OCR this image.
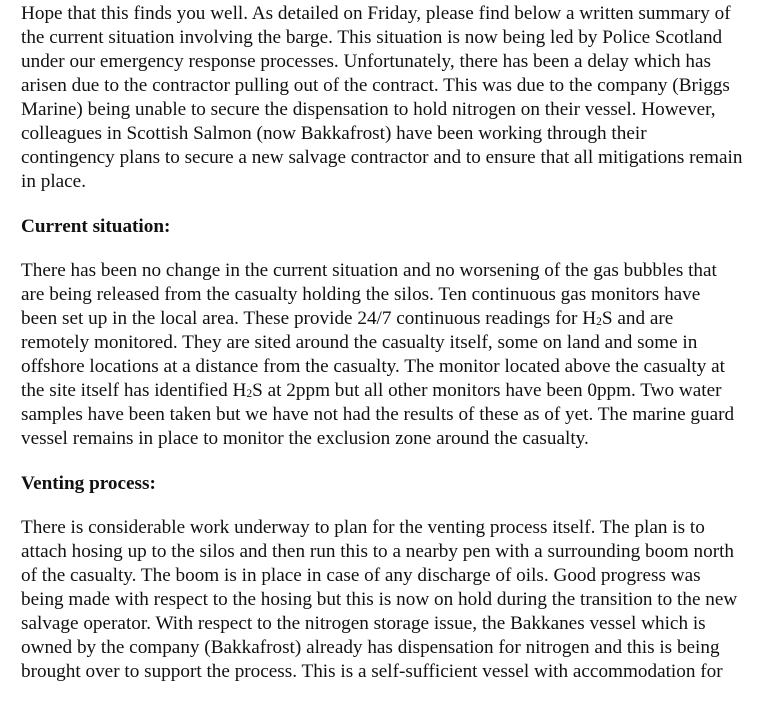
Hope that this finds you well. As detailed on Friday, please find below a written summary of
the current situation involving the barge. This situation is now being led by Police Scotland
under our emergency response processes. Unfortunately, there has been a delay which has
arisen due to the contractor pulling out of the contract. This was due to the company (Briggs
Marine) being unable to secure the dispensation to hold nitrogen on their vessel. However,
colleagues in Scottish Salmon (now Bakkafrost) have been working through their
contingency plans to secure a new salvage contractor and to ensure that all mitigations remain
in place.
Current situation:
There has been no change in the current situation and no worsening of the gas bubbles that
are being released from the casualty holding the silos. Ten continuous gas monitors have
been set up in the local area. These provide 24/7 continuous readings for $H_2S$ and are
remotely monitored. They are sited around the casualty itself, some on land and some in
offshore locations at a distance from the casualty. The monitor located above the casualty at
the site itself has identified $H_2S$ at 2ppm but all other monitors have been 0ppm. Two water
samples have been taken but we have not had the results of these as of yet. The marine guard
vessel remains in place to monitor the exclusion zone around the casualty.
Venting process:
There is considerable work underway to plan for the venting process itself. The plan is to
attach hosing up to the silos and then run this to a nearby pen with a surrounding boom north
of the casualty. The boom is in place in case of any discharge of oils. Good progress was
being made with respect to the hosing but this is now on hold during the transition to the new
salvage operator. With respect to the nitrogen storage issue, the Bakkanes vessel which is
owned by the company (Bakkafrost) already has dispensation for nitrogen and this is being
brought over to support the process. This is a self-sufficient vessel with accommodation for
